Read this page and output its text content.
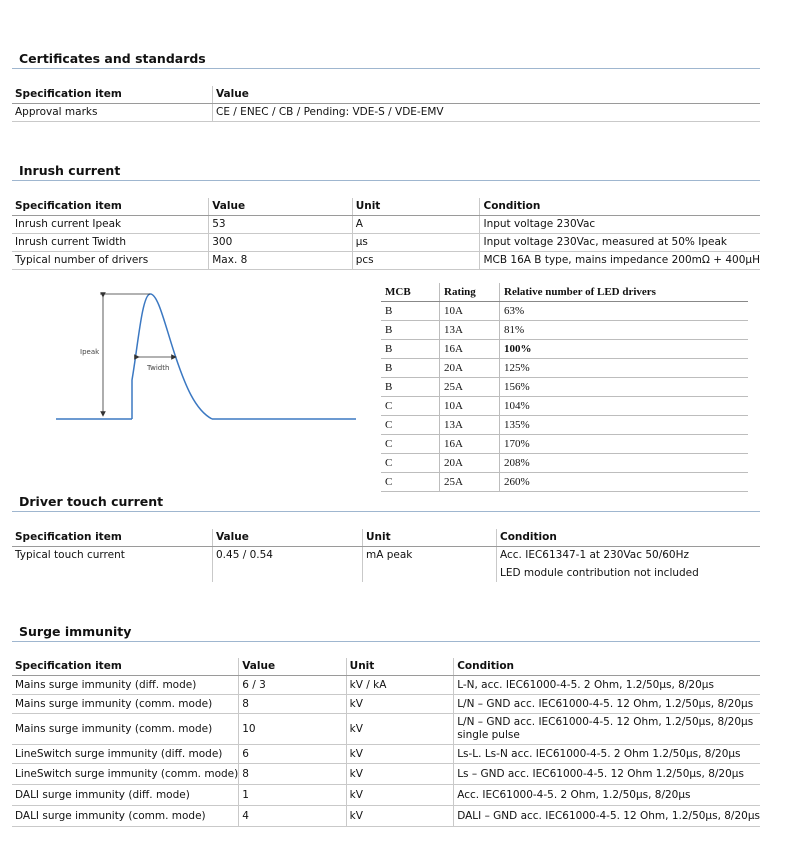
Certificates and standards
Specification item	Value
Approval marks	CE / ENEC / CB / Pending: VDE-S / VDE-EMV
Inrush current
Specification item	Value	Unit	Condition
Inrush current Ipeak	53	A	Input voltage 230Vac
Inrush current Twidth	300	µs	Input voltage 230Vac, measured at 50% Ipeak
Typical number of drivers	Max. 8	pcs	MCB 16A B type, mains impedance 200mΩ + 400µH
Ipeak
Twidth
MCB	Rating	Relative number of LED drivers
B	10A	63%
B	13A	81%
B	16A	100%
B	20A	125%
B	25A	156%
C	10A	104%
C	13A	135%
C	16A	170%
C	20A	208%
C	25A	260%
Driver touch current
Specification item	Value	Unit	Condition
Typical touch current	0.45 / 0.54	mA peak	Acc. IEC61347-1 at 230Vac 50/60Hz
			LED module contribution not included
Surge immunity
Specification item	Value	Unit	Condition
Mains surge immunity (diff. mode)	6 / 3	kV / kA	L-N, acc. IEC61000-4-5. 2 Ohm, 1.2/50µs, 8/20µs
Mains surge immunity (comm. mode)	8	kV	L/N – GND acc. IEC61000-4-5. 12 Ohm, 1.2/50µs, 8/20µs
Mains surge immunity (comm. mode)	10	kV	L/N – GND acc. IEC61000-4-5. 12 Ohm, 1.2/50µs, 8/20µs single pulse
LineSwitch surge immunity (diff. mode)	6	kV	Ls-L. Ls-N acc. IEC61000-4-5. 2 Ohm 1.2/50µs, 8/20µs
LineSwitch surge immunity (comm. mode)	8	kV	Ls – GND acc. IEC61000-4-5. 12 Ohm 1.2/50µs, 8/20µs
DALI surge immunity (diff. mode)	1	kV	Acc. IEC61000-4-5. 2 Ohm, 1.2/50µs, 8/20µs
DALI surge immunity (comm. mode)	4	kV	DALI – GND acc. IEC61000-4-5. 12 Ohm, 1.2/50µs, 8/20µs
